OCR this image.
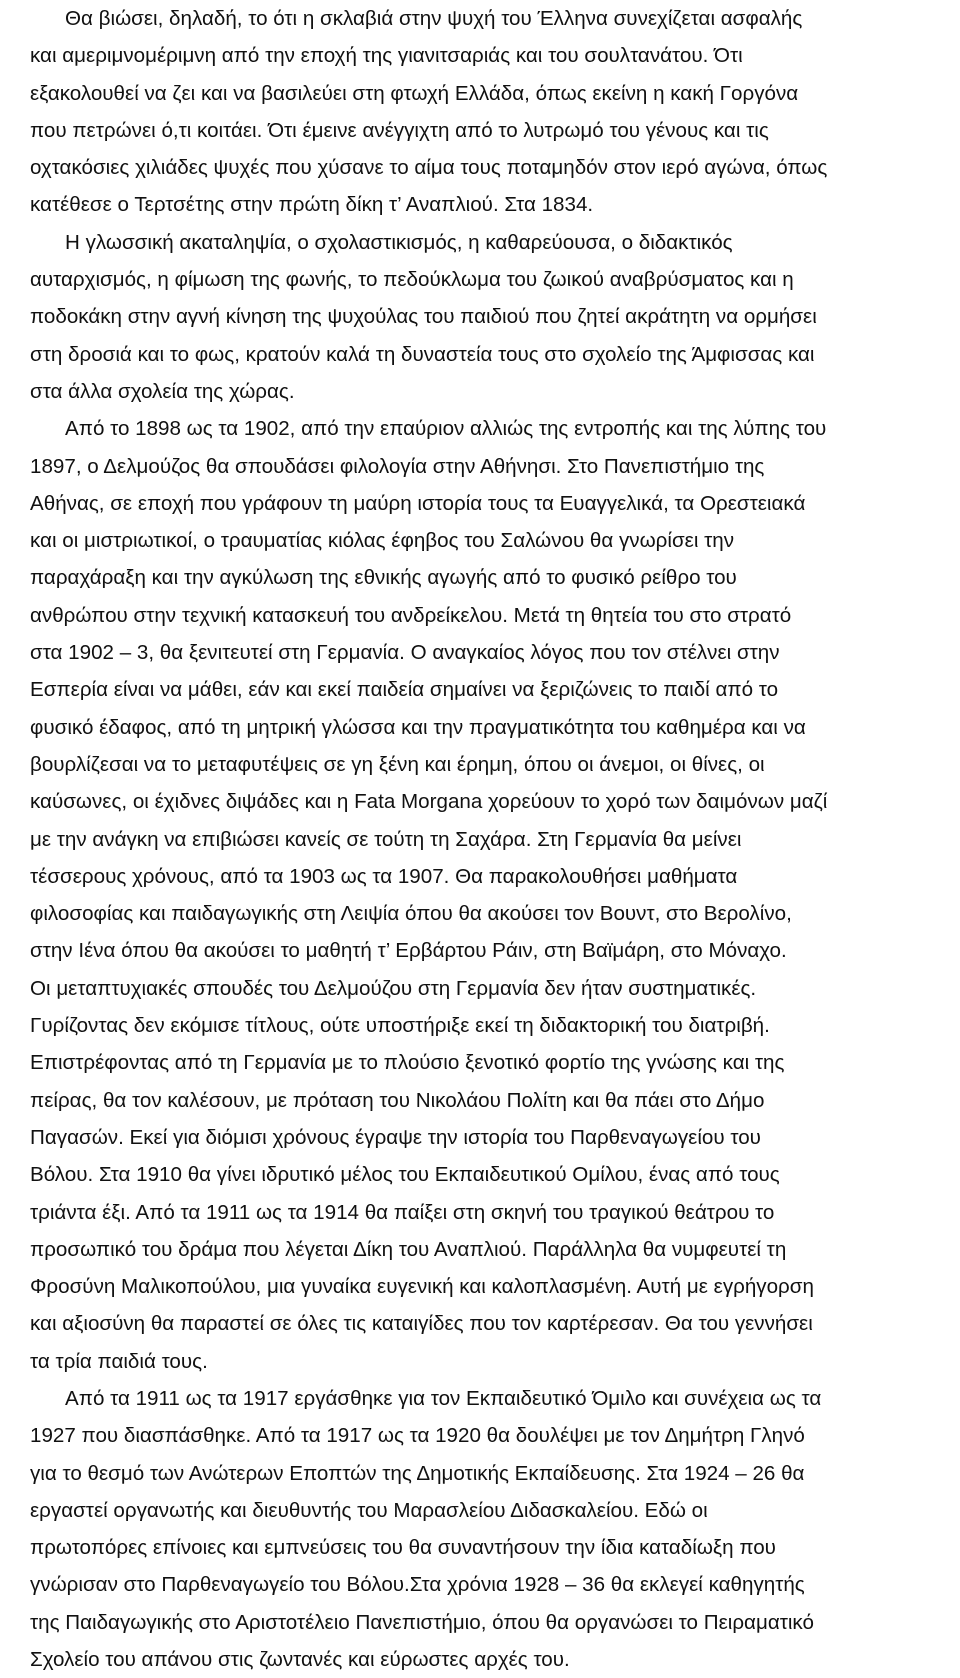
Θα βιώσει, δηλαδή, το ότι η σκλαβιά στην ψυχή του Έλληνα συνεχίζεται ασφαλής
και αμεριμνομέριμνη από την εποχή της γιανιτσαριάς και του σουλτανάτου. Ότι
εξακολουθεί να ζει και να βασιλεύει στη φτωχή Ελλάδα, όπως εκείνη η κακή Γοργόνα
που πετρώνει ό,τι κοιτάει. Ότι έμεινε ανέγγιχτη από το λυτρωμό του γένους και τις
οχτακόσιες χιλιάδες ψυχές που χύσανε το αίμα τους ποταμηδόν στον ιερό αγώνα, όπως
κατέθεσε ο Τερτσέτης στην πρώτη δίκη τ’ Αναπλιού. Στα 1834.
Η γλωσσική ακαταληψία, ο σχολαστικισμός, η καθαρεύουσα, ο διδακτικός
αυταρχισμός, η φίμωση της φωνής, το πεδούκλωμα του ζωικού αναβρύσματος και η
ποδοκάκη στην αγνή κίνηση της ψυχούλας του παιδιού που ζητεί ακράτητη να ορμήσει
στη δροσιά και το φως, κρατούν καλά τη δυναστεία τους στο σχολείο της Άμφισσας και
στα άλλα σχολεία της χώρας.
Από το 1898 ως τα 1902, από την επαύριον αλλιώς της εντροπής και της λύπης του
1897, ο Δελμούζος θα σπουδάσει φιλολογία στην Αθήνησι. Στο Πανεπιστήμιο της
Αθήνας, σε εποχή που γράφουν τη μαύρη ιστορία τους τα Ευαγγελικά, τα Ορεστειακά
και οι μιστριωτικοί, ο τραυματίας κιόλας έφηβος του Σαλώνου θα γνωρίσει την
παραχάραξη και την αγκύλωση της εθνικής αγωγής από το φυσικό ρείθρο του
ανθρώπου στην τεχνική κατασκευή του ανδρείκελου. Μετά τη θητεία του στο στρατό
στα 1902 – 3, θα ξενιτευτεί στη Γερμανία. Ο αναγκαίος λόγος που τον στέλνει στην
Εσπερία είναι να μάθει, εάν και εκεί παιδεία σημαίνει να ξεριζώνεις το παιδί από το
φυσικό έδαφος, από τη μητρική γλώσσα και την πραγματικότητα του καθημέρα και να
βουρλίζεσαι να το μεταφυτέψεις σε γη ξένη και έρημη, όπου οι άνεμοι, οι θίνες, οι
καύσωνες, οι έχιδνες διψάδες και η Fata Morgana χορεύουν το χορό των δαιμόνων μαζί
με την ανάγκη να επιβιώσει κανείς σε τούτη τη Σαχάρα. Στη Γερμανία θα μείνει
τέσσερους χρόνους, από τα 1903 ως τα 1907. Θα παρακολουθήσει μαθήματα
φιλοσοφίας και παιδαγωγικής στη Λειψία όπου θα ακούσει τον Βουντ, στο Βερολίνο,
στην Ιένα όπου θα ακούσει το μαθητή τ’ Ερβάρτου Ράιν, στη Βαϊμάρη, στο Μόναχο.
Οι μεταπτυχιακές σπουδές του Δελμούζου στη Γερμανία δεν ήταν συστηματικές.
Γυρίζοντας δεν εκόμισε τίτλους, ούτε υποστήριξε εκεί τη διδακτορική του διατριβή.
Επιστρέφοντας από τη Γερμανία με το πλούσιο ξενοτικό φορτίο της γνώσης και της
πείρας, θα τον καλέσουν, με πρόταση του Νικολάου Πολίτη και θα πάει στο Δήμο
Παγασών. Εκεί για διόμισι χρόνους έγραψε την ιστορία του Παρθεναγωγείου του
Βόλου. Στα 1910 θα γίνει ιδρυτικό μέλος του Εκπαιδευτικού Ομίλου, ένας από τους
τριάντα έξι. Από τα 1911 ως τα 1914 θα παίξει στη σκηνή του τραγικού θεάτρου το
προσωπικό του δράμα που λέγεται Δίκη του Αναπλιού. Παράλληλα θα νυμφευτεί τη
Φροσύνη Μαλικοπούλου, μια γυναίκα ευγενική και καλοπλασμένη. Αυτή με εγρήγορση
και αξιοσύνη θα παραστεί σε όλες τις καταιγίδες που τον καρτέρεσαν. Θα του γεννήσει
τα τρία παιδιά τους.
Από τα 1911 ως τα 1917 εργάσθηκε για τον Εκπαιδευτικό Όμιλο και συνέχεια ως τα
1927 που διασπάσθηκε. Από τα 1917 ως τα 1920 θα δουλέψει με τον Δημήτρη Γληνό
για το θεσμό των Ανώτερων Εποπτών της Δημοτικής Εκπαίδευσης. Στα 1924 – 26 θα
εργαστεί οργανωτής και διευθυντής του Μαρασλείου Διδασκαλείου. Εδώ οι
πρωτοπόρες επίνοιες και εμπνεύσεις του θα συναντήσουν την ίδια καταδίωξη που
γνώρισαν στο Παρθεναγωγείο του Βόλου.Στα χρόνια 1928 – 36 θα εκλεγεί καθηγητής
της Παιδαγωγικής στο Αριστοτέλειο Πανεπιστήμιο, όπου θα οργανώσει το Πειραματικό
Σχολείο του απάνου στις ζωντανές και εύρωστες αρχές του.
